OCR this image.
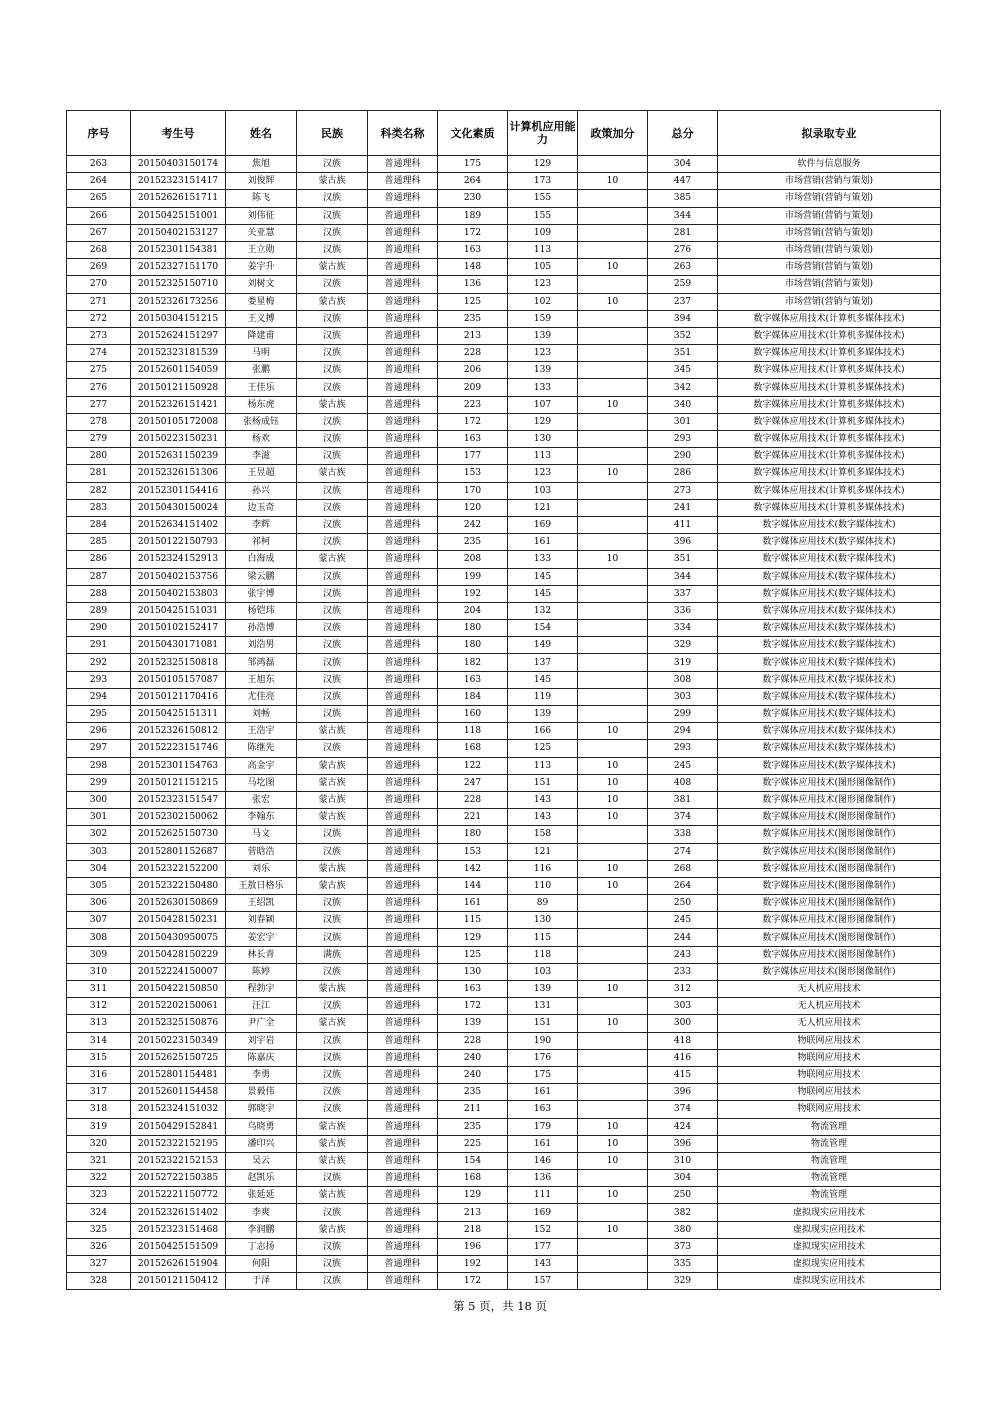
序号	考生号	姓名	民族	科类名称	文化素质	计算机应用能力	政策加分	总分	拟录取专业
263	20150403150174	焦旭	汉族	普通理科	175	129		304	软件与信息服务
264	20152323151417	刘俊辉	蒙古族	普通理科	264	173	10	447	市场营销(营销与策划)
265	20152626151711	陈飞	汉族	普通理科	230	155		385	市场营销(营销与策划)
266	20150425151001	刘伟征	汉族	普通理科	189	155		344	市场营销(营销与策划)
267	20150402153127	关亚慧	汉族	普通理科	172	109		281	市场营销(营销与策划)
268	20152301154381	王立勋	汉族	普通理科	163	113		276	市场营销(营销与策划)
269	20152327151170	姜宇升	蒙古族	普通理科	148	105	10	263	市场营销(营销与策划)
270	20152325150710	刘树文	汉族	普通理科	136	123		259	市场营销(营销与策划)
271	20152326173256	娄星梅	蒙古族	普通理科	125	102	10	237	市场营销(营销与策划)
272	20150304151215	王义搏	汉族	普通理科	235	159		394	数字媒体应用技术(计算机多媒体技术)
273	20152624151297	降建甫	汉族	普通理科	213	139		352	数字媒体应用技术(计算机多媒体技术)
274	20152323181539	马明	汉族	普通理科	228	123		351	数字媒体应用技术(计算机多媒体技术)
275	20152601154059	张鹏	汉族	普通理科	206	139		345	数字媒体应用技术(计算机多媒体技术)
276	20150121150928	王佳乐	汉族	普通理科	209	133		342	数字媒体应用技术(计算机多媒体技术)
277	20152326151421	杨东虎	蒙古族	普通理科	223	107	10	340	数字媒体应用技术(计算机多媒体技术)
278	20150105172008	张杨成钰	汉族	普通理科	172	129		301	数字媒体应用技术(计算机多媒体技术)
279	20150223150231	杨欢	汉族	普通理科	163	130		293	数字媒体应用技术(计算机多媒体技术)
280	20152631150239	李滋	汉族	普通理科	177	113		290	数字媒体应用技术(计算机多媒体技术)
281	20152326151306	王昱超	蒙古族	普通理科	153	123	10	286	数字媒体应用技术(计算机多媒体技术)
282	20152301154416	孙兴	汉族	普通理科	170	103		273	数字媒体应用技术(计算机多媒体技术)
283	20150430150024	边玉奇	汉族	普通理科	120	121		241	数字媒体应用技术(计算机多媒体技术)
284	20152634151402	李辉	汉族	普通理科	242	169		411	数字媒体应用技术(数字媒体技术)
285	20150122150793	祁柯	汉族	普通理科	235	161		396	数字媒体应用技术(数字媒体技术)
286	20152324152913	白海成	蒙古族	普通理科	208	133	10	351	数字媒体应用技术(数字媒体技术)
287	20150402153756	梁云鹏	汉族	普通理科	199	145		344	数字媒体应用技术(数字媒体技术)
288	20150402153803	张宇博	汉族	普通理科	192	145		337	数字媒体应用技术(数字媒体技术)
289	20150425151031	杨铠玮	汉族	普通理科	204	132		336	数字媒体应用技术(数字媒体技术)
290	20150102152417	孙浩博	汉族	普通理科	180	154		334	数字媒体应用技术(数字媒体技术)
291	20150430171081	刘浩男	汉族	普通理科	180	149		329	数字媒体应用技术(数字媒体技术)
292	20152325150818	邹鸿磊	汉族	普通理科	182	137		319	数字媒体应用技术(数字媒体技术)
293	20150105157087	王旭东	汉族	普通理科	163	145		308	数字媒体应用技术(数字媒体技术)
294	20150121170416	尤佳亮	汉族	普通理科	184	119		303	数字媒体应用技术(数字媒体技术)
295	20150425151311	刘畅	汉族	普通理科	160	139		299	数字媒体应用技术(数字媒体技术)
296	20152326150812	王浩宇	蒙古族	普通理科	118	166	10	294	数字媒体应用技术(数字媒体技术)
297	20152223151746	陈继先	汉族	普通理科	168	125		293	数字媒体应用技术(数字媒体技术)
298	20152301154763	高金宇	蒙古族	普通理科	122	113	10	245	数字媒体应用技术(数字媒体技术)
299	20150121151215	马圪图	蒙古族	普通理科	247	151	10	408	数字媒体应用技术(图形图像制作)
300	20152323151547	张宏	蒙古族	普通理科	228	143	10	381	数字媒体应用技术(图形图像制作)
301	20152302150062	李翰东	蒙古族	普通理科	221	143	10	374	数字媒体应用技术(图形图像制作)
302	20152625150730	马文	汉族	普通理科	180	158		338	数字媒体应用技术(图形图像制作)
303	20152801152687	菅晗浩	汉族	普通理科	153	121		274	数字媒体应用技术(图形图像制作)
304	20152322152200	刘乐	蒙古族	普通理科	142	116	10	268	数字媒体应用技术(图形图像制作)
305	20152322150480	王敖日格乐	蒙古族	普通理科	144	110	10	264	数字媒体应用技术(图形图像制作)
306	20152630150869	王绍凯	汉族	普通理科	161	89		250	数字媒体应用技术(图形图像制作)
307	20150428150231	刘春颖	汉族	普通理科	115	130		245	数字媒体应用技术(图形图像制作)
308	20150430950075	姜宏宇	汉族	普通理科	129	115		244	数字媒体应用技术(图形图像制作)
309	20150428150229	林长青	满族	普通理科	125	118		243	数字媒体应用技术(图形图像制作)
310	20152224150007	陈婷	汉族	普通理科	130	103		233	数字媒体应用技术(图形图像制作)
311	20150422150850	程勃宇	蒙古族	普通理科	163	139	10	312	无人机应用技术
312	20152202150061	汪江	汉族	普通理科	172	131		303	无人机应用技术
313	20152325150876	尹广全	蒙古族	普通理科	139	151	10	300	无人机应用技术
314	20150223150349	刘宇岩	汉族	普通理科	228	190		418	物联网应用技术
315	20152625150725	陈嘉庆	汉族	普通理科	240	176		416	物联网应用技术
316	20152801154481	李勇	汉族	普通理科	240	175		415	物联网应用技术
317	20152601154458	景毅伟	汉族	普通理科	235	161		396	物联网应用技术
318	20152324151032	郭晓宇	汉族	普通理科	211	163		374	物联网应用技术
319	20150429152841	乌晓勇	蒙古族	普通理科	235	179	10	424	物流管理
320	20152322152195	潘印兴	蒙古族	普通理科	225	161	10	396	物流管理
321	20152322152153	吴云	蒙古族	普通理科	154	146	10	310	物流管理
322	20152722150385	赵凯乐	汉族	普通理科	168	136		304	物流管理
323	20152221150772	张延延	蒙古族	普通理科	129	111	10	250	物流管理
324	20152326151402	李爽	汉族	普通理科	213	169		382	虚拟现实应用技术
325	20152323151468	李润鹏	蒙古族	普通理科	218	152	10	380	虚拟现实应用技术
326	20150425151509	丁志扬	汉族	普通理科	196	177		373	虚拟现实应用技术
327	20152626151904	何阳	汉族	普通理科	192	143		335	虚拟现实应用技术
328	20150121150412	于泽	汉族	普通理科	172	157		329	虚拟现实应用技术
第 5 页，共 18 页
